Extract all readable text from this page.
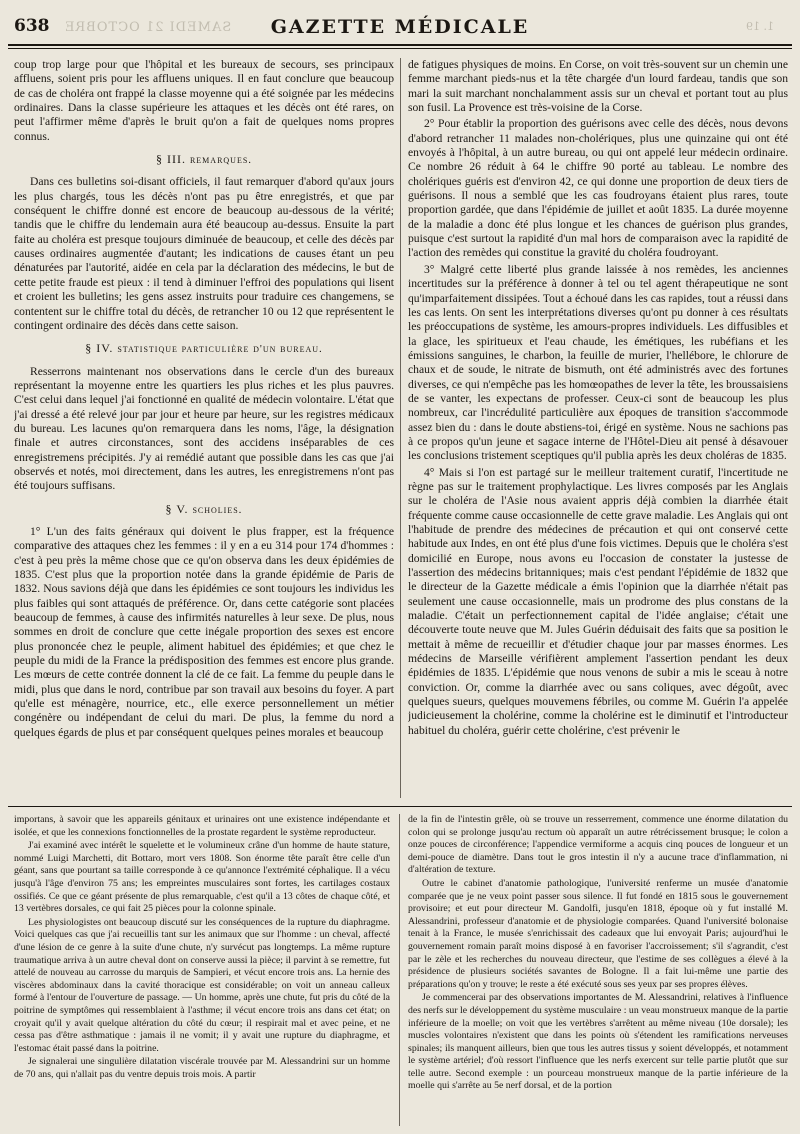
638 SAMEDI 21 OCTOBRE	GAZETTE MÉDICALE	1. 19

coup trop large pour que l'hôpital et les bureaux de secours, ses principaux affluens, soient pris pour les affluens uniques. Il en faut conclure que beaucoup de cas de choléra ont frappé la classe moyenne qui a été soignée par les médecins ordinaires. Dans la classe supérieure les attaques et les décès ont été rares, on peut l'affirmer même d'après le bruit qu'on a fait de quelques noms propres connus.

§ III. remarques.

Dans ces bulletins soi-disant officiels, il faut remarquer d'abord qu'aux jours les plus chargés, tous les décès n'ont pas pu être enregistrés, et que par conséquent le chiffre donné est encore de beaucoup au-dessous de la vérité; tandis que le chiffre du lendemain aura été beaucoup au-dessus. Ensuite la part faite au choléra est presque toujours diminuée de beaucoup, et celle des décès par causes ordinaires augmentée d'autant; les indications de causes étant un peu dénaturées par l'autorité, aidée en cela par la déclaration des médecins, le but de cette petite fraude est pieux : il tend à diminuer l'effroi des populations qui lisent et croient les bulletins; les gens assez instruits pour traduire ces changemens, se contentent sur le chiffre total du décès, de retrancher 10 ou 12 que représentent le contingent ordinaire des décès dans cette saison.

§ IV. statistique particulière d'un bureau.

Resserrons maintenant nos observations dans le cercle d'un des bureaux représentant la moyenne entre les quartiers les plus riches et les plus pauvres. C'est celui dans lequel j'ai fonctionné en qualité de médecin volontaire. L'état que j'ai dressé a été relevé jour par jour et heure par heure, sur les registres médicaux du bureau. Les lacunes qu'on remarquera dans les noms, l'âge, la désignation finale et autres circonstances, sont des accidens inséparables de ces enregistremens précipités. J'y ai remédié autant que possible dans les cas que j'ai observés et notés, moi directement, dans les autres, les enregistremens n'ont pas été toujours suffisans.

§ V. scholies.

1° L'un des faits généraux qui doivent le plus frapper, est la fréquence comparative des attaques chez les femmes : il y en a eu 314 pour 174 d'hommes : c'est à peu près la même chose que ce qu'on observa dans les deux épidémies de 1835. C'est plus que la proportion notée dans la grande épidémie de Paris de 1832. Nous savions déjà que dans les épidémies ce sont toujours les individus les plus faibles qui sont attaqués de préférence. Or, dans cette catégorie sont placées beaucoup de femmes, à cause des infirmités naturelles à leur sexe. De plus, nous sommes en droit de conclure que cette inégale proportion des sexes est encore plus prononcée chez le peuple, aliment habituel des épidémies; et que chez le peuple du midi de la France la prédisposition des femmes est encore plus grande. Les mœurs de cette contrée donnent la clé de ce fait. La femme du peuple dans le midi, plus que dans le nord, contribue par son travail aux besoins du foyer. A part qu'elle est ménagère, nourrice, etc., elle exerce personnellement un métier congénère ou indépendant de celui du mari. De plus, la femme du nord a quelques égards de plus et par conséquent quelques peines morales et beaucoup

de fatigues physiques de moins. En Corse, on voit très-souvent sur un chemin une femme marchant pieds-nus et la tête chargée d'un lourd fardeau, tandis que son mari la suit marchant nonchalamment assis sur un cheval et portant tout au plus son fusil. La Provence est très-voisine de la Corse.

2° Pour établir la proportion des guérisons avec celle des décès, nous devons d'abord retrancher 11 malades non-cholériques, plus une quinzaine qui ont été envoyés à l'hôpital, à un autre bureau, ou qui ont appelé leur médecin ordinaire. Ce nombre 26 réduit à 64 le chiffre 90 porté au tableau. Le nombre des cholériques guéris est d'environ 42, ce qui donne une proportion de deux tiers de guérisons. Il nous a semblé que les cas foudroyans étaient plus rares, toute proportion gardée, que dans l'épidémie de juillet et août 1835. La durée moyenne de la maladie a donc été plus longue et les chances de guérison plus grandes, puisque c'est surtout la rapidité d'un mal hors de comparaison avec la rapidité de l'action des remèdes qui constitue la gravité du choléra foudroyant.

3° Malgré cette liberté plus grande laissée à nos remèdes, les anciennes incertitudes sur la préférence à donner à tel ou tel agent thérapeutique ne sont qu'imparfaitement dissipées. Tout a échoué dans les cas rapides, tout a réussi dans les cas lents. On sent les interprétations diverses qu'ont pu donner à ces résultats les préoccupations de système, les amours-propres individuels. Les diffusibles et la glace, les spiritueux et l'eau chaude, les émétiques, les rubéfians et les émissions sanguines, le charbon, la feuille de murier, l'hellébore, le chlorure de chaux et de soude, le nitrate de bismuth, ont été administrés avec des fortunes diverses, ce qui n'empêche pas les homœopathes de lever la tête, les broussaisiens de se vanter, les expectans de professer. Ceux-ci sont de beaucoup les plus nombreux, car l'incrédulité particulière aux époques de transition s'accommode assez bien du : dans le doute abstiens-toi, érigé en système. Nous ne sachions pas à ce propos qu'un jeune et sagace interne de l'Hôtel-Dieu ait pensé à désavouer les conclusions tristement sceptiques qu'il publia après les deux choléras de 1835.

4° Mais si l'on est partagé sur le meilleur traitement curatif, l'incertitude ne règne pas sur le traitement prophylactique. Les livres composés par les Anglais sur le choléra de l'Asie nous avaient appris déjà combien la diarrhée était fréquente comme cause occasionnelle de cette grave maladie. Les Anglais qui ont l'habitude de prendre des médecines de précaution et qui ont conservé cette habitude aux Indes, en ont été plus d'une fois victimes. Depuis que le choléra s'est domicilié en Europe, nous avons eu l'occasion de constater la justesse de l'assertion des médecins britanniques; mais c'est pendant l'épidémie de 1832 que le directeur de la Gazette médicale a émis l'opinion que la diarrhée n'était pas seulement une cause occasionnelle, mais un prodrome des plus constans de la maladie. C'était un perfectionnement capital de l'idée anglaise; c'était une découverte toute neuve que M. Jules Guérin déduisait des faits que sa position le mettait à même de recueillir et d'étudier chaque jour par masses énormes. Les médecins de Marseille vérifièrent amplement l'assertion pendant les deux épidémies de 1835. L'épidémie que nous venons de subir a mis le sceau à notre conviction. Or, comme la diarrhée avec ou sans coliques, avec dégoût, avec quelques sueurs, quelques mouvemens fébriles, ou comme M. Guérin l'a appelée judicieusement la cholérine, comme la cholérine est le diminutif et l'introducteur habituel du choléra, guérir cette cholérine, c'est prévenir le

importans, à savoir que les appareils génitaux et urinaires ont une existence indépendante et isolée, et que les connexions fonctionnelles de la prostate regardent le système reproducteur.

J'ai examiné avec intérêt le squelette et le volumineux crâne d'un homme de haute stature, nommé Luigi Marchetti, dit Bottaro, mort vers 1808. Son énorme tête paraît être celle d'un géant, sans que pourtant sa taille corresponde à ce qu'annonce l'extrémité céphalique. Il a vécu jusqu'à l'âge d'environ 75 ans; les empreintes musculaires sont fortes, les cartilages costaux ossifiés. Ce que ce géant présente de plus remarquable, c'est qu'il a 13 côtes de chaque côté, et 13 vertèbres dorsales, ce qui fait 25 pièces pour la colonne spinale.

Les physiologistes ont beaucoup discuté sur les conséquences de la rupture du diaphragme. Voici quelques cas que j'ai recueillis tant sur les animaux que sur l'homme : un cheval, affecté d'une lésion de ce genre à la suite d'une chute, n'y survécut pas longtemps. La même rupture traumatique arriva à un autre cheval dont on conserve aussi la pièce; il parvint à se remettre, fut attelé de nouveau au carrosse du marquis de Sampieri, et vécut encore trois ans. La hernie des viscères abdominaux dans la cavité thoracique est considérable; on voit un anneau calleux formé à l'entour de l'ouverture de passage. — Un homme, après une chute, fut pris du côté de la poitrine de symptômes qui ressemblaient à l'asthme; il vécut encore trois ans dans cet état; on croyait qu'il y avait quelque altération du côté du cœur; il respirait mal et avec peine, et ne cessa pas d'être asthmatique : jamais il ne vomit; il y avait une rupture du diaphragme, et l'estomac était passé dans la poitrine.

Je signalerai une singulière dilatation viscérale trouvée par M. Alessandrini sur un homme de 70 ans, qui n'allait pas du ventre depuis trois mois. A partir

de la fin de l'intestin grêle, où se trouve un resserrement, commence une énorme dilatation du colon qui se prolonge jusqu'au rectum où apparaît un autre rétrécissement brusque; le colon a onze pouces de circonférence; l'appendice vermiforme a acquis cinq pouces de longueur et un demi-pouce de diamètre. Dans tout le gros intestin il n'y a aucune trace d'inflammation, ni d'altération de texture.

Outre le cabinet d'anatomie pathologique, l'université renferme un musée d'anatomie comparée que je ne veux point passer sous silence. Il fut fondé en 1815 sous le gouvernement provisoire; et eut pour directeur M. Gandolfi, jusqu'en 1818, époque où y fut installé M. Alessandrini, professeur d'anatomie et de physiologie comparées. Quand l'université bolonaise tenait à la France, le musée s'enrichissait des cadeaux que lui envoyait Paris; aujourd'hui le gouvernement romain paraît moins disposé à en favoriser l'accroissement; s'il s'agrandit, c'est par le zèle et les recherches du nouveau directeur, que l'estime de ses collègues a élevé à la présidence de plusieurs sociétés savantes de Bologne. Il a fait lui-même une partie des préparations qu'on y trouve; le reste a été exécuté sous ses yeux par ses propres élèves.

Je commencerai par des observations importantes de M. Alessandrini, relatives à l'influence des nerfs sur le développement du système musculaire : un veau monstrueux manque de la partie inférieure de la moelle; on voit que les vertèbres s'arrêtent au même niveau (10e dorsale); les muscles volontaires n'existent que dans les points où s'étendent les ramifications nerveuses spinales; ils manquent ailleurs, bien que tous les autres tissus y soient développés, et notamment le système artériel; d'où ressort l'influence que les nerfs exercent sur telle partie plutôt que sur telle autre. Second exemple : un pourceau monstrueux manque de la partie inférieure de la moelle qui s'arrête au 5e nerf dorsal, et de la portion
